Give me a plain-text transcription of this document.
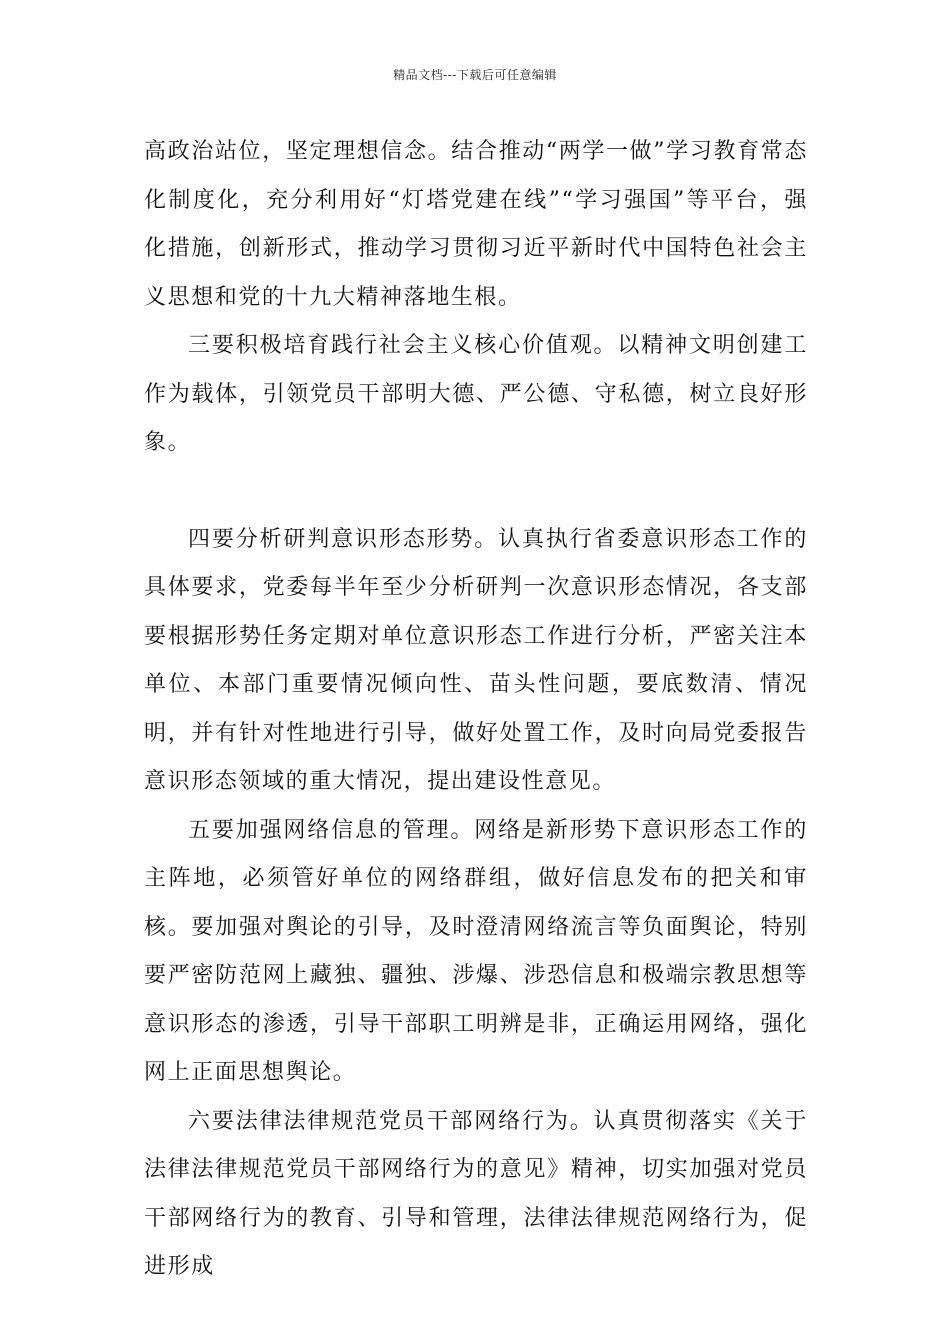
精品文档---下载后可任意编辑

高政治站位，坚定理想信念。结合推动“两学一做”学习教育常态化制度化，充分利用好“灯塔党建在线”“学习强国”等平台，强化措施，创新形式，推动学习贯彻习近平新时代中国特色社会主义思想和党的十九大精神落地生根。

三要积极培育践行社会主义核心价值观。以精神文明创建工作为载体，引领党员干部明大德、严公德、守私德，树立良好形象。

四要分析研判意识形态形势。认真执行省委意识形态工作的具体要求，党委每半年至少分析研判一次意识形态情况，各支部要根据形势任务定期对单位意识形态工作进行分析，严密关注本单位、本部门重要情况倾向性、苗头性问题，要底数清、情况明，并有针对性地进行引导，做好处置工作，及时向局党委报告意识形态领域的重大情况，提出建设性意见。

五要加强网络信息的管理。网络是新形势下意识形态工作的主阵地，必须管好单位的网络群组，做好信息发布的把关和审核。要加强对舆论的引导，及时澄清网络流言等负面舆论，特别要严密防范网上藏独、疆独、涉爆、涉恐信息和极端宗教思想等意识形态的渗透，引导干部职工明辨是非，正确运用网络，强化网上正面思想舆论。

六要法律法律规范党员干部网络行为。认真贯彻落实《关于法律法律规范党员干部网络行为的意见》精神，切实加强对党员干部网络行为的教育、引导和管理，法律法律规范网络行为，促进形成
